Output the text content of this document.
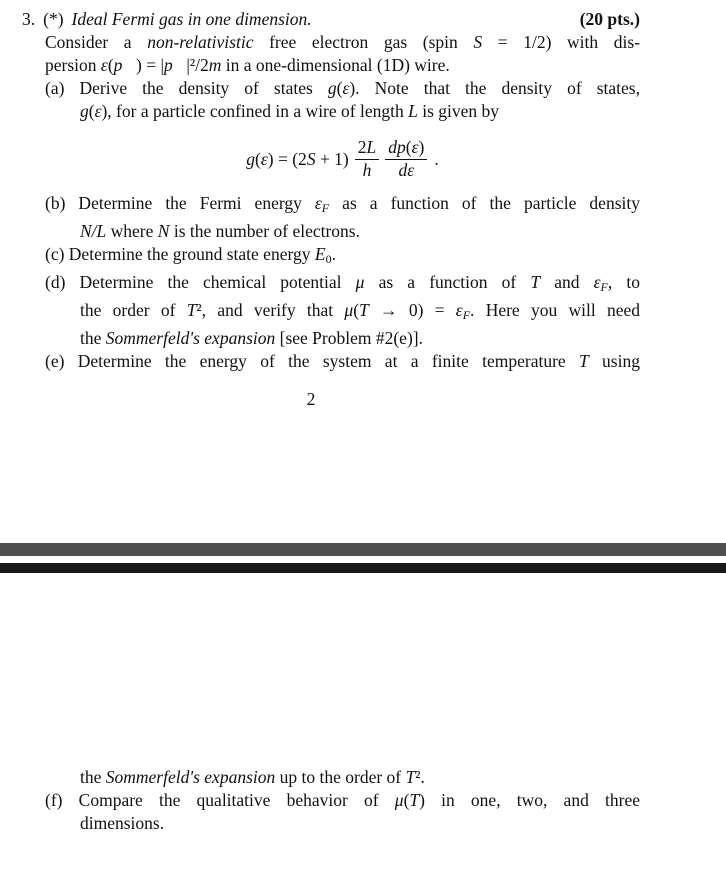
3. (*) Ideal Fermi gas in one dimension.	(20 pts.)
Consider a non-relativistic free electron gas (spin S = 1/2) with dis-
persion ε(p⃗) = |p⃗|²/2m in a one-dimensional (1D) wire.
(a) Derive the density of states g(ε). Note that the density of states,
g(ε), for a particle confined in a wire of length L is given by
$g(\varepsilon) = (2S + 1) \frac{2L}{h} \frac{dp(\varepsilon)}{d\varepsilon}$ .
(b) Determine the Fermi energy εF as a function of the particle density
N/L where N is the number of electrons.
(c) Determine the ground state energy E0.
(d) Determine the chemical potential μ as a function of T and εF, to
the order of T², and verify that μ(T → 0) = εF. Here you will need
the Sommerfeld's expansion [see Problem #2(e)].
(e) Determine the energy of the system at a finite temperature T using
2
the Sommerfeld's expansion up to the order of T².
(f) Compare the qualitative behavior of μ(T) in one, two, and three
dimensions.
